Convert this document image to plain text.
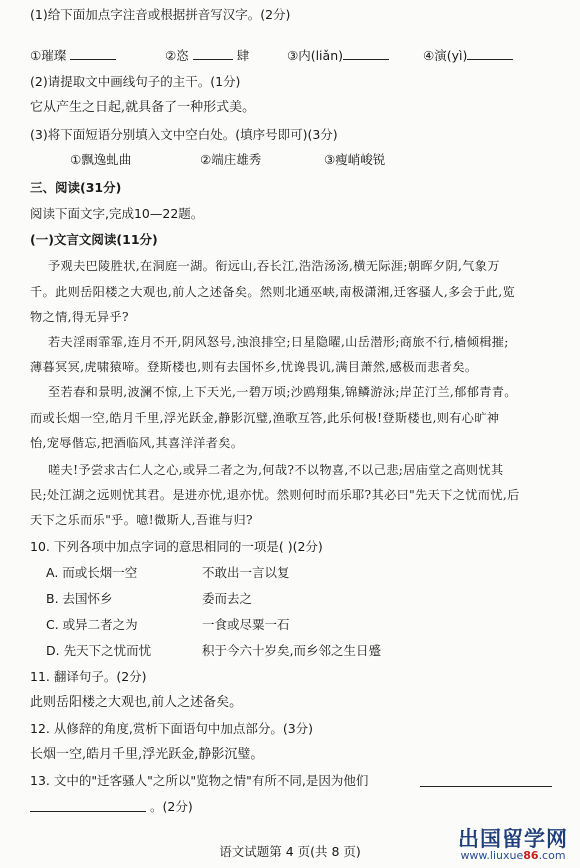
(1)给下面加点字注音或根据拼音写汉字。(2分)
①璀璨	②恣	肆	③内(liǎn)	④演(yì)
(2)请提取文中画线句子的主干。(1分)
它从产生之日起,就具备了一种形式美。
(3)将下面短语分别填入文中空白处。(填序号即可)(3分)
①飘逸虬曲	②端庄雄秀	③瘦峭峻锐
三、阅读(31分)
阅读下面文字,完成10—22题。
(一)文言文阅读(11分)
予观夫巴陵胜状,在洞庭一湖。衔远山,吞长江,浩浩汤汤,横无际涯;朝晖夕阴,气象万
千。此则岳阳楼之大观也,前人之述备矣。然则北通巫峡,南极潇湘,迁客骚人,多会于此,览
物之情,得无异乎?
若夫淫雨霏霏,连月不开,阴风怒号,浊浪排空;日星隐曜,山岳潜形;商旅不行,樯倾楫摧;
薄暮冥冥,虎啸猿啼。登斯楼也,则有去国怀乡,忧谗畏讥,满目萧然,感极而悲者矣。
至若春和景明,波澜不惊,上下天光,一碧万顷;沙鸥翔集,锦鳞游泳;岸芷汀兰,郁郁青青。
而或长烟一空,皓月千里,浮光跃金,静影沉璧,渔歌互答,此乐何极!登斯楼也,则有心旷神
怡,宠辱偕忘,把酒临风,其喜洋洋者矣。
嗟夫!予尝求古仁人之心,或异二者之为,何哉?不以物喜,不以己悲;居庙堂之高则忧其
民;处江湖之远则忧其君。是进亦忧,退亦忧。然则何时而乐耶?其必曰"先天下之忧而忧,后
天下之乐而乐"乎。噫!微斯人,吾谁与归?
10. 下列各项中加点字词的意思相同的一项是( )(2分)
A. 而或长烟一空	不敢出一言以复
B. 去国怀乡	委而去之
C. 或异二者之为	一食或尽粟一石
D. 先天下之忧而忧	积于今六十岁矣,而乡邻之生日蹙
11. 翻译句子。(2分)
此则岳阳楼之大观也,前人之述备矣。
12. 从修辞的角度,赏析下面语句中加点部分。(3分)
长烟一空,皓月千里,浮光跃金,静影沉璧。
13. 文中的"迁客骚人"之所以"览物之情"有所不同,是因为他们
。(2分)
语文试题第 4 页(共 8 页)
出国留学网
www.liuxue86.com
